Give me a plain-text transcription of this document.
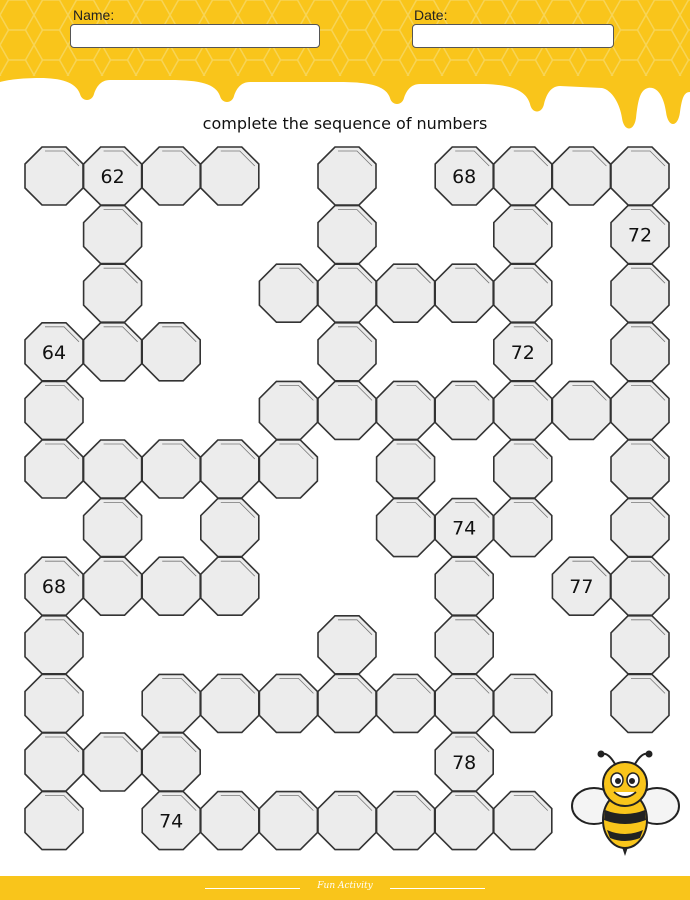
Name:	Date:
complete the sequence of numbers
62	68
72
64	72
74
68	77
78
74
Fun Activity
